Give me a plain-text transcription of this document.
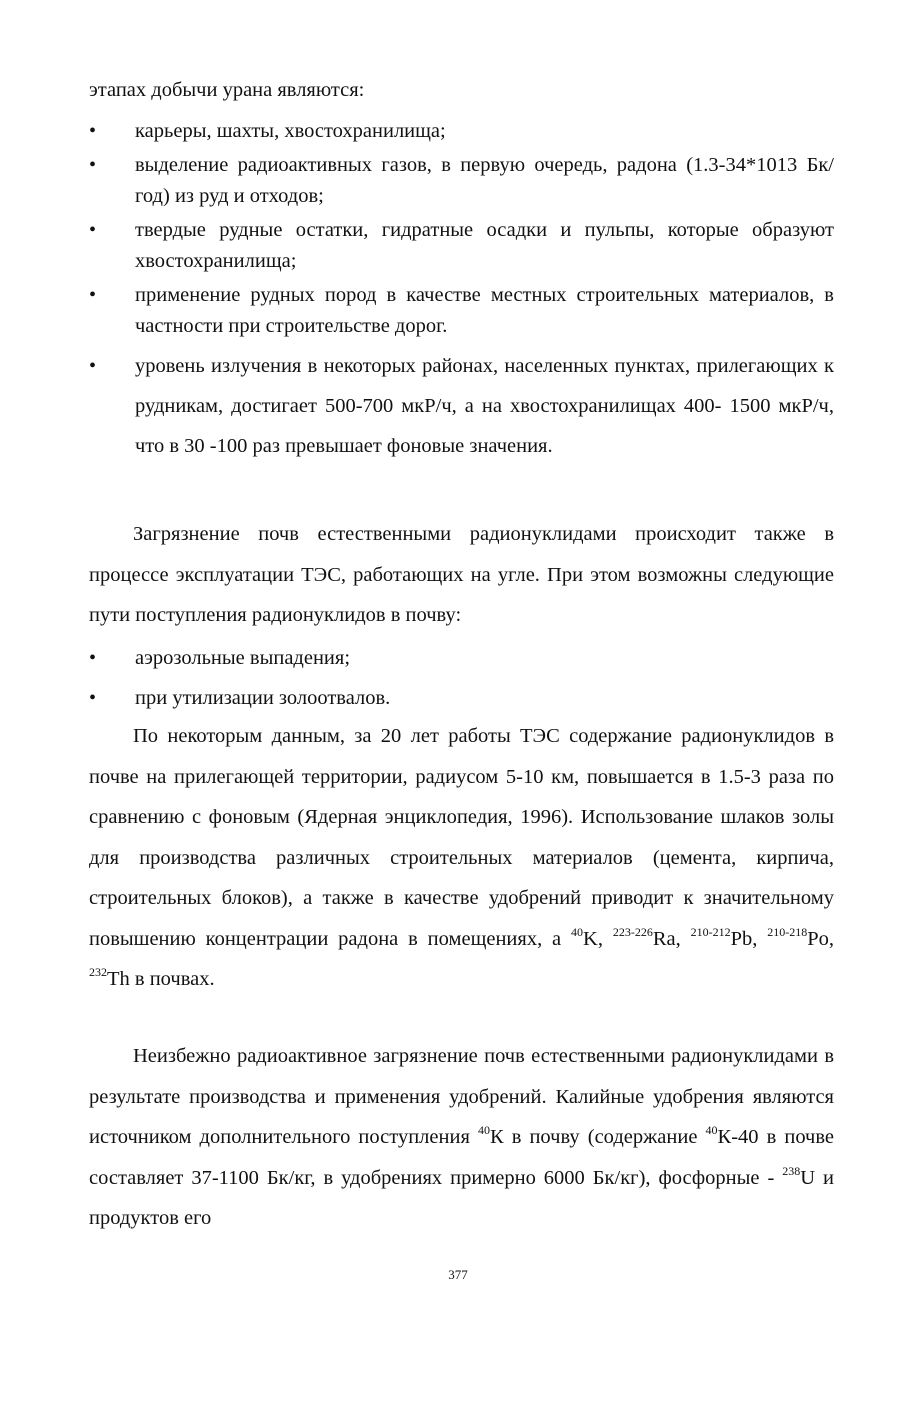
этапах добычи урана являются:

•	карьеры, шахты, хвостохранилища;
•	выделение радиоактивных газов, в первую очередь, радона (1.3-34*1013 Бк/год) из руд и отходов;
•	твердые рудные остатки, гидратные осадки и пульпы, которые образуют хвостохранилища;
•	применение рудных пород в качестве местных строительных материалов, в частности при строительстве дорог.
•	уровень излучения в некоторых районах, населенных пунктах, прилегающих к рудникам, достигает 500-700 мкР/ч, а на хвостохранилищах 400- 1500 мкР/ч, что в 30 -100 раз превышает фоновые значения.

Загрязнение почв естественными радионуклидами происходит также в процессе эксплуатации ТЭС, работающих на угле. При этом возможны следующие пути поступления радионуклидов в почву:

•	аэрозольные выпадения;
•	при утилизации золоотвалов.

По некоторым данным, за 20 лет работы ТЭС содержание радионуклидов в почве на прилегающей территории, радиусом 5-10 км, повышается в 1.5-3 раза по сравнению с фоновым (Ядерная энциклопедия, 1996). Использование шлаков золы для производства различных строительных материалов (цемента, кирпича, строительных блоков), а также в качестве удобрений приводит к значительному повышению концентрации радона в помещениях, а $^{40}$K, $^{223-226}$Ra, $^{210-212}$Pb, $^{210-218}$Po, $^{232}$Th в почвах.

Неизбежно радиоактивное загрязнение почв естественными радионуклидами в результате производства и применения удобрений. Калийные удобрения являются источником дополнительного поступления $^{40}$К в почву (содержание $^{40}$К-40 в почве составляет 37-1100 Бк/кг, в удобрениях примерно 6000 Бк/кг), фосфорные - $^{238}$U и продуктов его

377
